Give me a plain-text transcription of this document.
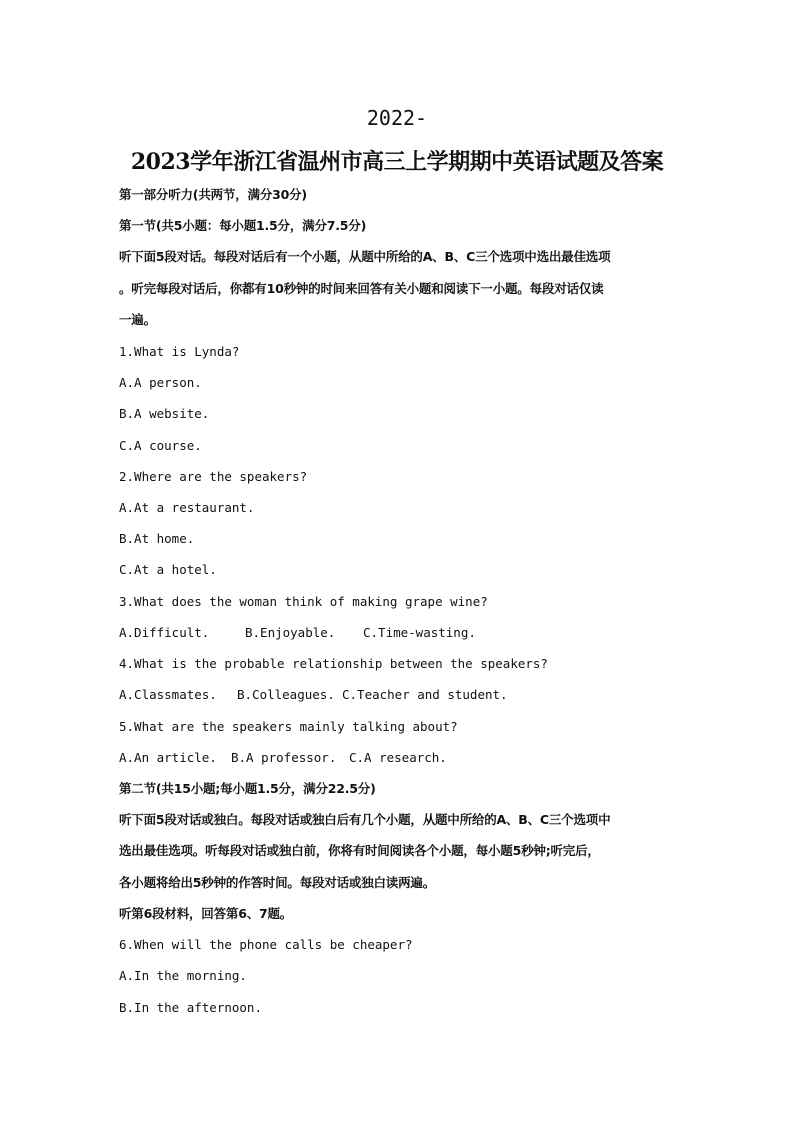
2022-
2023学年浙江省温州市高三上学期期中英语试题及答案
第一部分听力(共两节，满分30分)
第一节(共5小题：每小题1.5分，满分7.5分)
听下面5段对话。每段对话后有一个小题，从题中所给的A、B、C三个选项中选出最佳选项
。听完每段对话后，你都有10秒钟的时间来回答有关小题和阅读下一小题。每段对话仅读
一遍。
1.What is Lynda?
A.A person.
B.A website.
C.A course.
2.Where are the speakers?
A.At a restaurant.
B.At home.
C.At a hotel.
3.What does the woman think of making grape wine?
A.Difficult.	B.Enjoyable. C.Time-wasting.
4.What is the probable relationship between the speakers?
A.Classmates. B.Colleagues. C.Teacher and student.
5.What are the speakers mainly talking about?
A.An article. B.A professor. C.A research.
第二节(共15小题;每小题1.5分，满分22.5分)
听下面5段对话或独白。每段对话或独白后有几个小题，从题中所给的A、B、C三个选项中
选出最佳选项。听每段对话或独白前，你将有时间阅读各个小题，每小题5秒钟;听完后，
各小题将给出5秒钟的作答时间。每段对话或独白读两遍。
听第6段材料，回答第6、7题。
6.When will the phone calls be cheaper?
A.In the morning.
B.In the afternoon.
